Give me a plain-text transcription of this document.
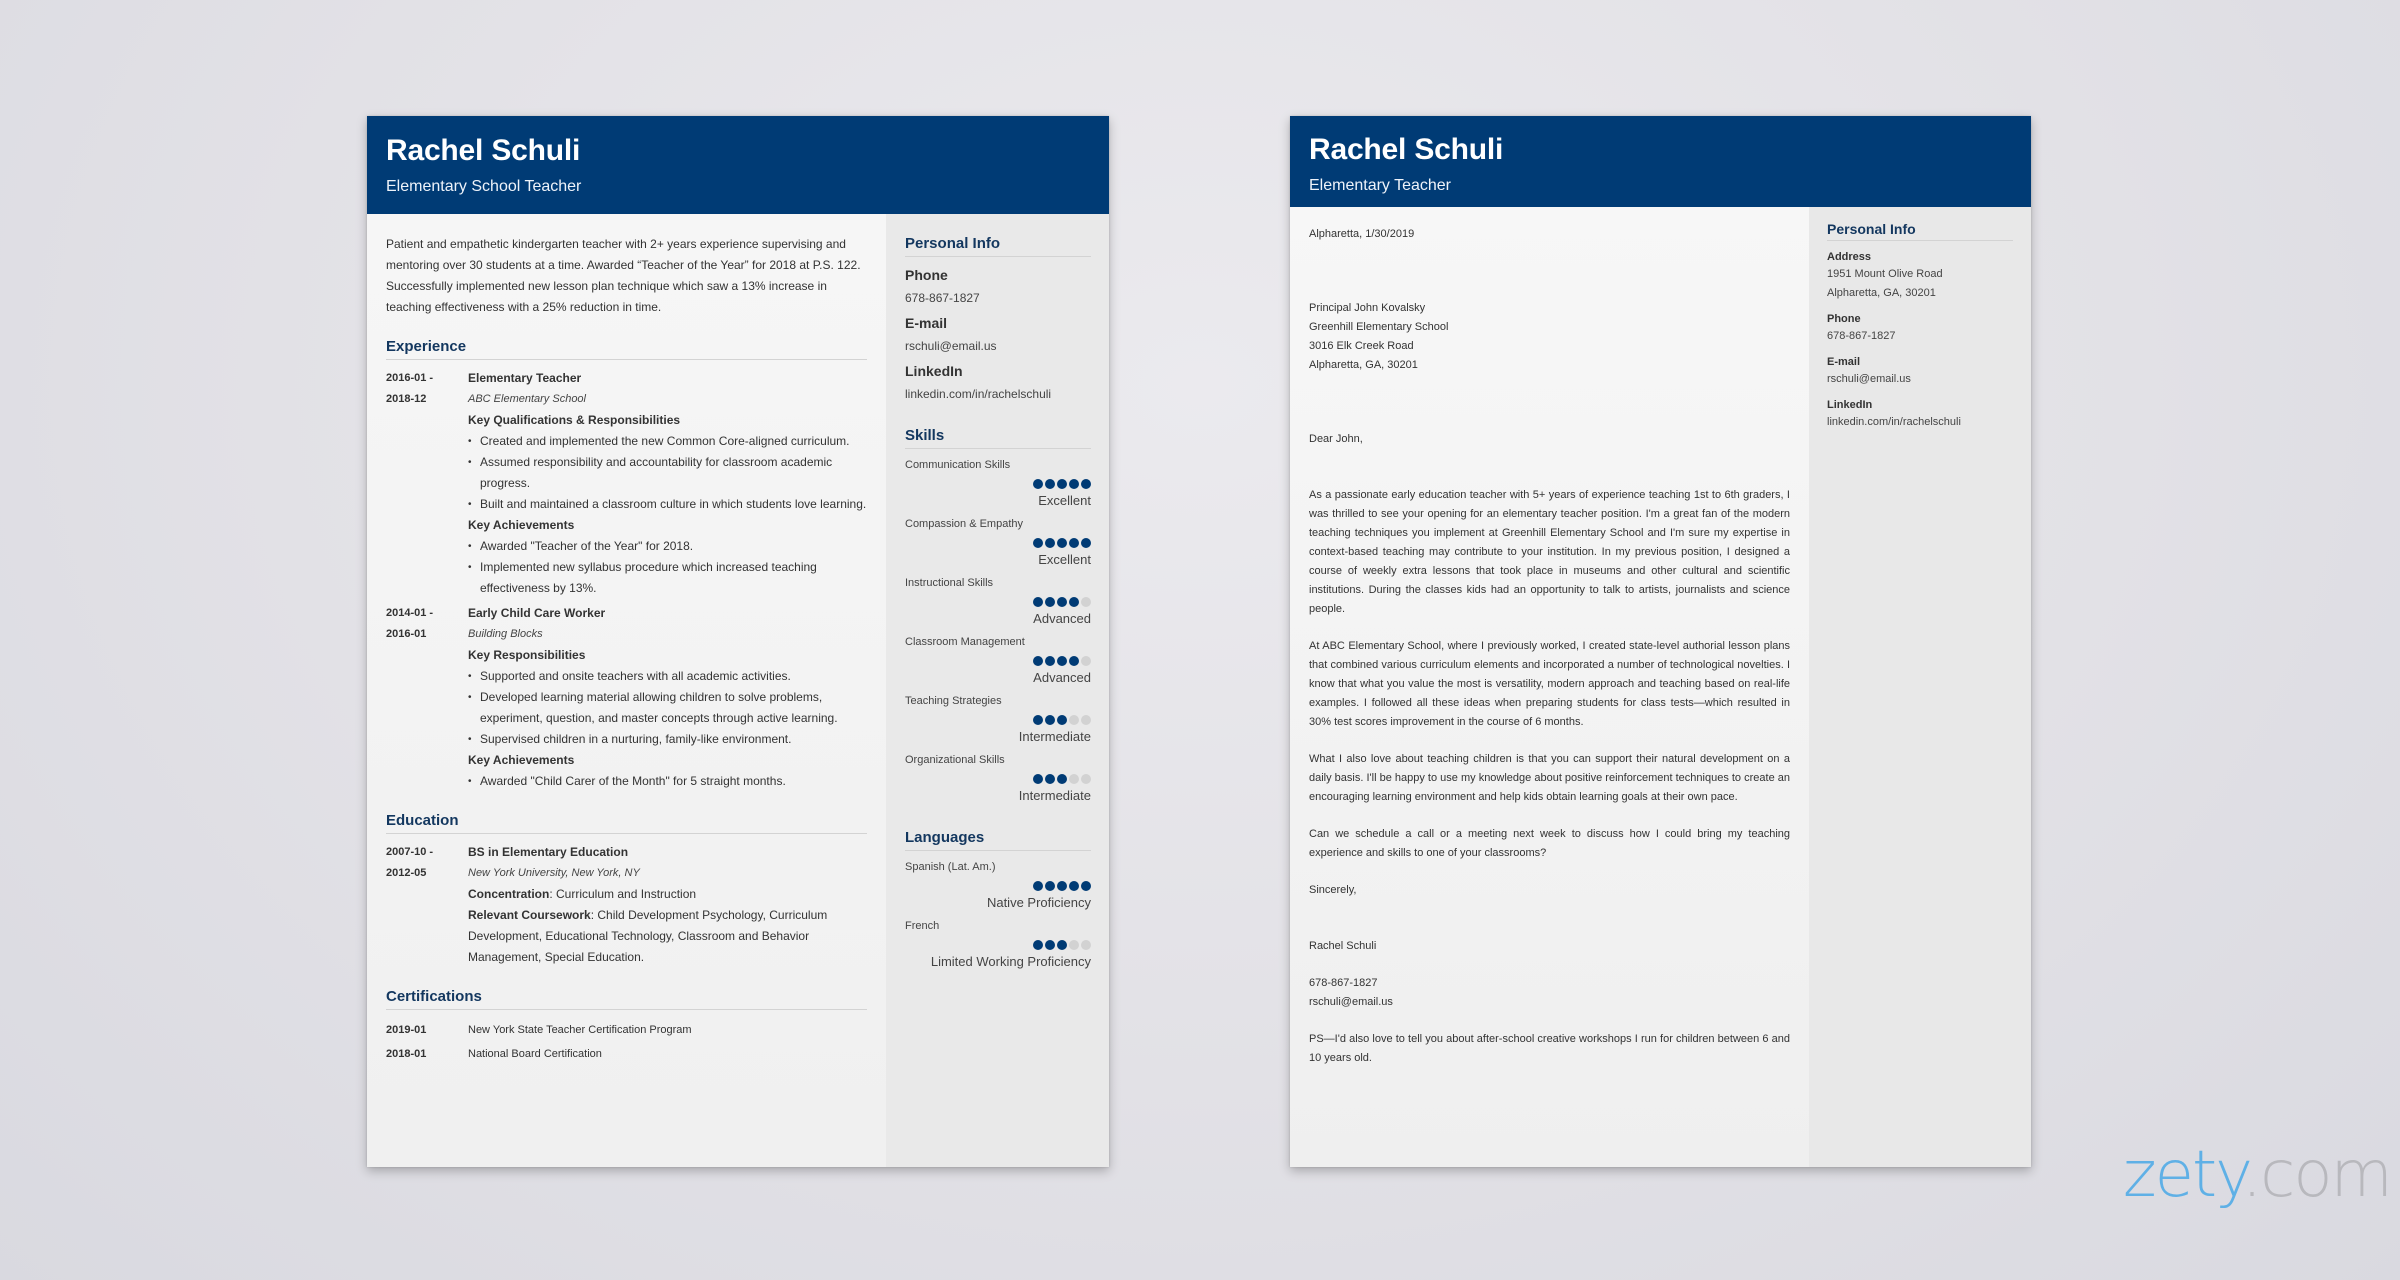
Rachel Schuli
Elementary School Teacher

Patient and empathetic kindergarten teacher with 2+ years experience supervising and mentoring over 30 students at a time. Awarded “Teacher of the Year” for 2018 at P.S. 122. Successfully implemented new lesson plan technique which saw a 13% increase in teaching effectiveness with a 25% reduction in time.

Experience
2016-01 -
2018-12
Elementary Teacher
ABC Elementary School
Key Qualifications & Responsibilities
• Created and implemented the new Common Core-aligned curriculum.
• Assumed responsibility and accountability for classroom academic progress.
• Built and maintained a classroom culture in which students love learning.
Key Achievements
• Awarded "Teacher of the Year" for 2018.
• Implemented new syllabus procedure which increased teaching effectiveness by 13%.
2014-01 -
2016-01
Early Child Care Worker
Building Blocks
Key Responsibilities
• Supported and onsite teachers with all academic activities.
• Developed learning material allowing children to solve problems, experiment, question, and master concepts through active learning.
• Supervised children in a nurturing, family-like environment.
Key Achievements
• Awarded "Child Carer of the Month" for 5 straight months.
Education
2007-10 -
2012-05
BS in Elementary Education
New York University, New York, NY
Concentration: Curriculum and Instruction
Relevant Coursework: Child Development Psychology, Curriculum Development, Educational Technology, Classroom and Behavior Management, Special Education.
Certifications
2019-01	New York State Teacher Certification Program
2018-01	National Board Certification
Personal Info
Phone
678-867-1827
E-mail
rschuli@email.us
LinkedIn
linkedin.com/in/rachelschuli
Skills
Communication Skills
Excellent
Compassion & Empathy
Excellent
Instructional Skills
Advanced
Classroom Management
Advanced
Teaching Strategies
Intermediate
Organizational Skills
Intermediate
Languages
Spanish (Lat. Am.)
Native Proficiency
French
Limited Working Proficiency
Rachel Schuli
Elementary Teacher
Alpharetta, 1/30/2019
Principal John Kovalsky
Greenhill Elementary School
3016 Elk Creek Road
Alpharetta, GA, 30201
Dear John,

As a passionate early education teacher with 5+ years of experience teaching 1st to 6th graders, I was thrilled to see your opening for an elementary teacher position. I'm a great fan of the modern teaching techniques you implement at Greenhill Elementary School and I'm sure my expertise in context-based teaching may contribute to your institution. In my previous position, I designed a course of weekly extra lessons that took place in museums and other cultural and scientific institutions. During the classes kids had an opportunity to talk to artists, journalists and science people.

At ABC Elementary School, where I previously worked, I created state-level authorial lesson plans that combined various curriculum elements and incorporated a number of technological novelties. I know that what you value the most is versatility, modern approach and teaching based on real-life examples. I followed all these ideas when preparing students for class tests—which resulted in 30% test scores improvement in the course of 6 months.

What I also love about teaching children is that you can support their natural development on a daily basis. I'll be happy to use my knowledge about positive reinforcement techniques to create an encouraging learning environment and help kids obtain learning goals at their own pace.

Can we schedule a call or a meeting next week to discuss how I could bring my teaching experience and skills to one of your classrooms?

Sincerely,
Rachel Schuli
678-867-1827
rschuli@email.us

PS—I'd also love to tell you about after-school creative workshops I run for children between 6 and 10 years old.

Personal Info
Address
1951 Mount Olive Road
Alpharetta, GA, 30201
Phone
678-867-1827
E-mail
rschuli@email.us
LinkedIn
linkedin.com/in/rachelschuli
zety.com
